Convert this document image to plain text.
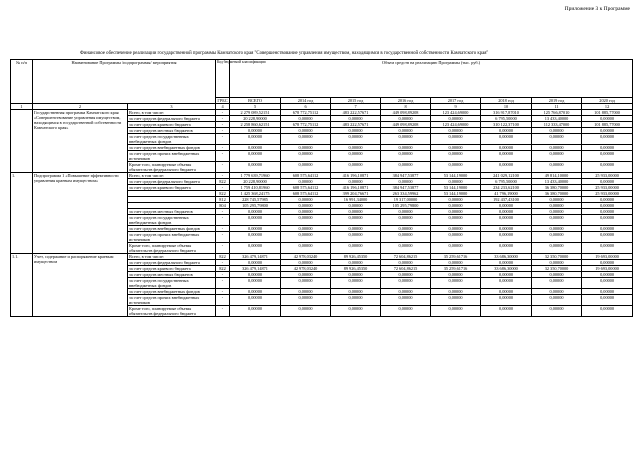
Приложение 3 к Программе
Финансовое обеспечение реализации государственной программы Камчатского края "Совершенствование управления имуществом, находящимся в государственной собственности Камчатского края"
№ п/п	Наименование Программы /подпрограммы/ мероприятия		Код бюджетной классификации	Объем средств на реализацию Программы (тыс. руб.)							
			ГРБС	ВСЕГО	2014 год	2015 год	2016 год	2017 год	2018 год	2019 год	2020 год
1	2	3	4	5	6	7	8	9	10	11	12
	Государственная программа Камчатского края «Совершенствование управления имуществом, находящимся в государственной собственности Камчатского края»	Всего, в том числе:	-	2 279 089,52151	678 772,75112	483 222,57671	449 098,89208	123 424,69000	316 917,87010	125 766,87010	101 885,77000
		за счет средств федерального бюджета	-	20 228,90000	0,00000	0,00000	0,00000	0,00000	6 795,50000	13 433,40000	0,00000
		за счет средств краевого бюджета	-	2 258 860,62151	678 772,75112	483 222,57671	449 098,89208	123 424,69000	310 122,37100	112 333,47000	101 885,77000
		за счет средств местных бюджетов	-	0,00000	0,00000	0,00000	0,00000	0,00000	0,00000	0,00000	0,00000
		за счет средств государственных внебюджетных фондов	-	0,00000	0,00000	0,00000	0,00000	0,00000	0,00000	0,00000	0,00000
		за счет средств внебюджетных фондов	-	0,00000	0,00000	0,00000	0,00000	0,00000	0,00000	0,00000	0,00000
		за счет средств прочих внебюджетных источников	-	0,00000	0,00000	0,00000	0,00000	0,00000	0,00000	0,00000	0,00000
		Кроме того, планируемые объемы обязательств федерального бюджета	-	0,00000	0,00000	0,00000	0,00000	0,00000	0,00000	0,00000	0,00000
1.	Подпрограмма 1 «Повышение эффективности управления краевым имуществом»	Всего, в том числе:	-	1 779 639,71960	608 575,64112	416 196,10871	384 947,53877	53 144,19000	241 029,12100	49 814,10000	25 933,00000
		за счет средств федерального бюджета	822	20 228,90000	0,00000	0,00000	0,00000	0,00000	6 795,50000	13 433,40000	0,00000
		за счет средств краевого бюджета	-	1 759 410,81960	608 575,64112	416 196,10871	384 947,53877	53 144,19000	234 233,62100	36 380,70000	25 933,00000
			822	1 425 368,24175	608 575,64112	399 204,76671	263 334,59962	53 144,19000	41 796,19000	36 380,70000	25 933,00000
			812	228 745,57985	0,00000	16 991,34000	19 317,00000	0,00000	192 437,43100	0,00000	0,00000
			804	105 295,79800	0,00000	0,00000	105 295,79800	0,00000	0,00000	0,00000	0,00000
		за счет средств местных бюджетов	-	0,00000	0,00000	0,00000	0,00000	0,00000	0,00000	0,00000	0,00000
		за счет средств государственных внебюджетных фондов	-	0,00000	0,00000	0,00000	0,00000	0,00000	0,00000	0,00000	0,00000
		за счет средств внебюджетных фондов	-	0,00000	0,00000	0,00000	0,00000	0,00000	0,00000	0,00000	0,00000
		за счет средств прочих внебюджетных источников	-	0,00000	0,00000	0,00000	0,00000	0,00000	0,00000	0,00000	0,00000
		Кроме того, планируемые объемы обязательств федерального бюджета	-	0,00000	0,00000	0,00000	0,00000	0,00000	0,00000	0,00000	0,00000
1.1.	Учет, содержание и распоряжение краевым имуществом	Всего, в том числе:	822	326 479,14871	42 978,03240	89 926,45350	72 604,86215	35 259,61716	33 686,30000	32 350,70000	19 693,00000
		за счет средств федерального бюджета	-	0,00000	0,00000	0,00000	0,00000	0,00000	0,00000	0,00000	0,00000
		за счет средств краевого бюджета	822	326 479,14871	42 978,03240	89 926,45350	72 604,86215	35 259,61716	33 686,30000	32 350,70000	19 693,00000
		за счет средств местных бюджетов	-	0,00000	0,00000	0,00000	0,00000	0,00000	0,00000	0,00000	0,00000
		за счет средств государственных внебюджетных фондов	-	0,00000	0,00000	0,00000	0,00000	0,00000	0,00000	0,00000	0,00000
		за счет средств внебюджетных фондов	-	0,00000	0,00000	0,00000	0,00000	0,00000	0,00000	0,00000	0,00000
		за счет средств прочих внебюджетных источников	-	0,00000	0,00000	0,00000	0,00000	0,00000	0,00000	0,00000	0,00000
		Кроме того, планируемые объемы обязательств федерального бюджета	-	0,00000	0,00000	0,00000	0,00000	0,00000	0,00000	0,00000	0,00000
